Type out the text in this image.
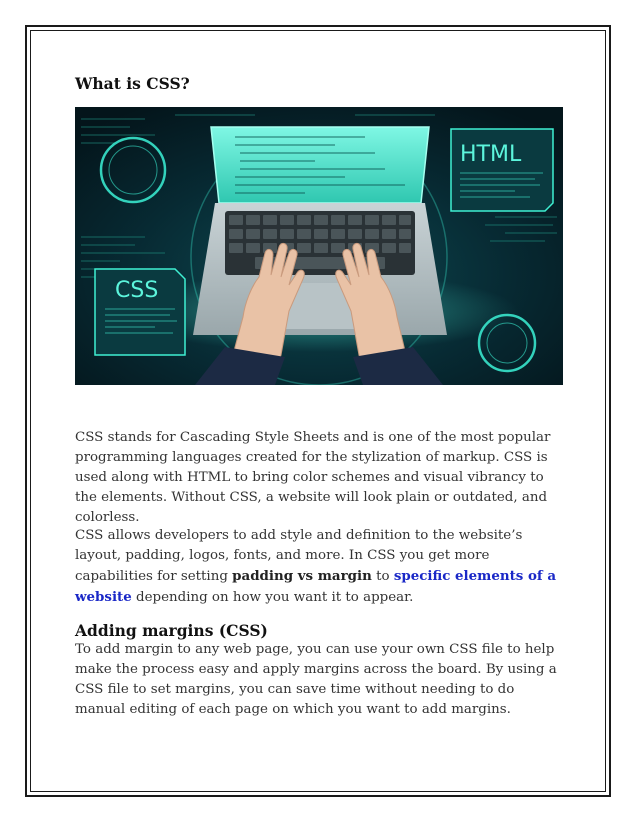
What is CSS?
HTML
CSS

CSS stands for Cascading Style Sheets and is one of the most popular programming languages created for the stylization of markup. CSS is used along with HTML to bring color schemes and visual vibrancy to the elements. Without CSS, a website will look plain or outdated, and colorless.

CSS allows developers to add style and definition to the website’s layout, padding, logos, fonts, and more. In CSS you get more capabilities for setting padding vs margin to specific elements of a website depending on how you want it to appear.

Adding margins (CSS)

To add margin to any web page, you can use your own CSS file to help make the process easy and apply margins across the board. By using a CSS file to set margins, you can save time without needing to do manual editing of each page on which you want to add margins.
